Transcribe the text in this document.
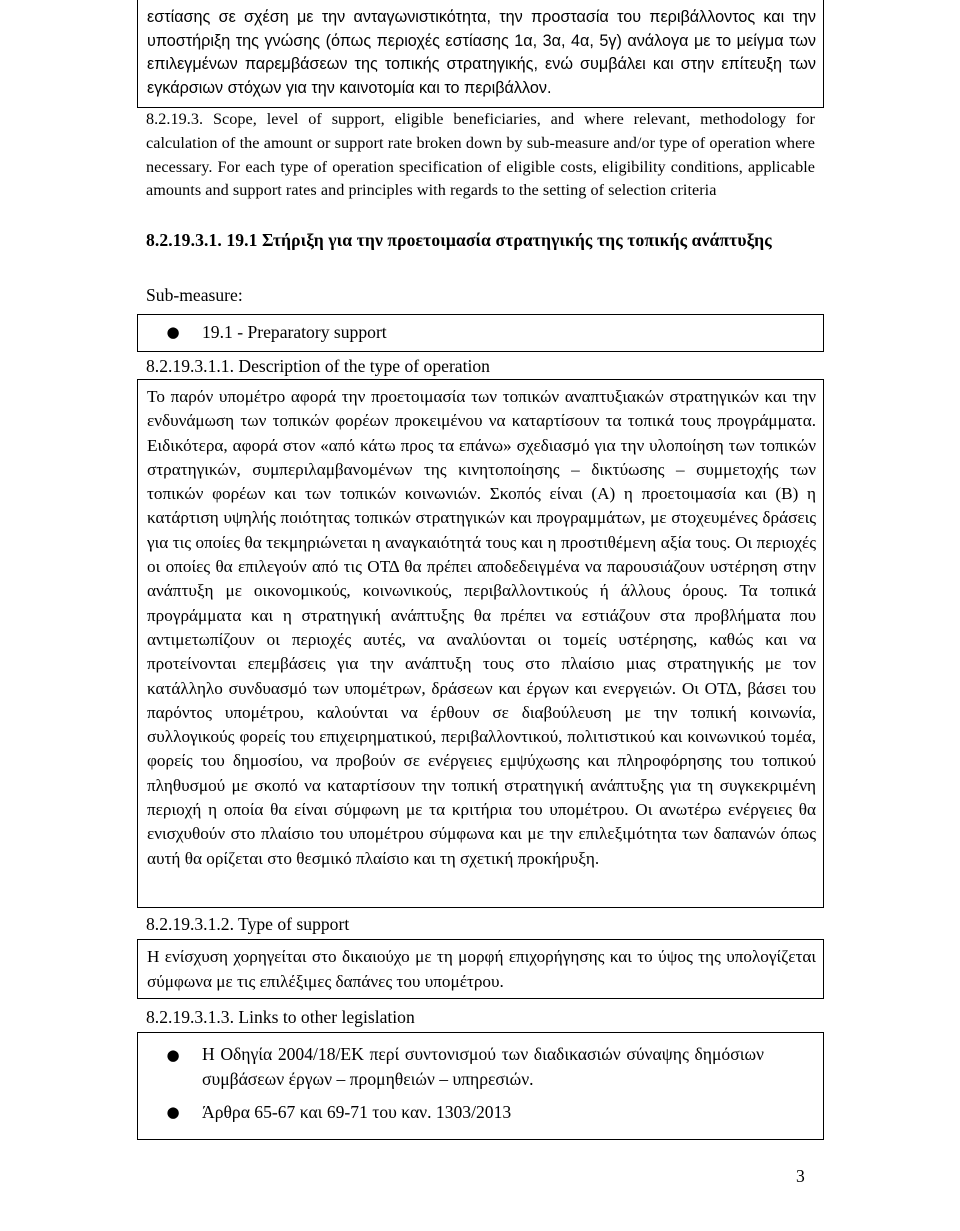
εστίασης σε σχέση με την ανταγωνιστικότητα, την προστασία του περιβάλλοντος και την υποστήριξη της γνώσης (όπως περιοχές εστίασης 1α, 3α, 4α, 5γ) ανάλογα με το μείγμα των επιλεγμένων παρεμβάσεων της τοπικής στρατηγικής, ενώ συμβάλει και στην επίτευξη των εγκάρσιων στόχων για την καινοτομία και το περιβάλλον.

8.2.19.3. Scope, level of support, eligible beneficiaries, and where relevant, methodology for calculation of the amount or support rate broken down by sub-measure and/or type of operation where necessary. For each type of operation specification of eligible costs, eligibility conditions, applicable amounts and support rates and principles with regards to the setting of selection criteria

8.2.19.3.1. 19.1 Στήριξη για την προετοιμασία στρατηγικής της τοπικής ανάπτυξης

Sub-measure:
●	19.1 - Preparatory support
8.2.19.3.1.1. Description of the type of operation

Το παρόν υπομέτρο αφορά την προετοιμασία των τοπικών αναπτυξιακών στρατηγικών και την ενδυνάμωση των τοπικών φορέων προκειμένου να καταρτίσουν τα τοπικά τους προγράμματα. Ειδικότερα, αφορά στον «από κάτω προς τα επάνω» σχεδιασμό για την υλοποίηση των τοπικών στρατηγικών, συμπεριλαμβανομένων της κινητοποίησης – δικτύωσης – συμμετοχής των τοπικών φορέων και των τοπικών κοινωνιών. Σκοπός είναι (Α) η προετοιμασία και (Β) η κατάρτιση υψηλής ποιότητας τοπικών στρατηγικών και προγραμμάτων, με στοχευμένες δράσεις για τις οποίες θα τεκμηριώνεται η αναγκαιότητά τους και η προστιθέμενη αξία τους. Οι περιοχές οι οποίες θα επιλεγούν από τις ΟΤΔ θα πρέπει αποδεδειγμένα να παρουσιάζουν υστέρηση στην ανάπτυξη με οικονομικούς, κοινωνικούς, περιβαλλοντικούς ή άλλους όρους. Τα τοπικά προγράμματα και η στρατηγική ανάπτυξης θα πρέπει να εστιάζουν στα προβλήματα που αντιμετωπίζουν οι περιοχές αυτές, να αναλύονται οι τομείς υστέρησης, καθώς και να προτείνονται επεμβάσεις για την ανάπτυξη τους στο πλαίσιο μιας στρατηγικής με τον κατάλληλο συνδυασμό των υπομέτρων, δράσεων και έργων και ενεργειών. Οι ΟΤΔ, βάσει του παρόντος υπομέτρου, καλούνται να έρθουν σε διαβούλευση με την τοπική κοινωνία, συλλογικούς φορείς του επιχειρηματικού, περιβαλλοντικού, πολιτιστικού και κοινωνικού τομέα, φορείς του δημοσίου, να προβούν σε ενέργειες εμψύχωσης και πληροφόρησης του τοπικού πληθυσμού με σκοπό να καταρτίσουν την τοπική στρατηγική ανάπτυξης για τη συγκεκριμένη περιοχή η οποία θα είναι σύμφωνη με τα κριτήρια του υπομέτρου. Οι ανωτέρω ενέργειες θα ενισχυθούν στο πλαίσιο του υπομέτρου σύμφωνα και με την επιλεξιμότητα των δαπανών όπως αυτή θα ορίζεται στο θεσμικό πλαίσιο και τη σχετική προκήρυξη.

8.2.19.3.1.2. Type of support

Η ενίσχυση χορηγείται στο δικαιούχο με τη μορφή επιχορήγησης και το ύψος της υπολογίζεται σύμφωνα με τις επιλέξιμες δαπάνες του υπομέτρου.

8.2.19.3.1.3. Links to other legislation
●	Η Οδηγία 2004/18/ΕΚ περί συντονισμού των διαδικασιών σύναψης δημόσιων συμβάσεων έργων – προμηθειών – υπηρεσιών.
●	Άρθρα 65-67 και 69-71 του καν. 1303/2013
3
